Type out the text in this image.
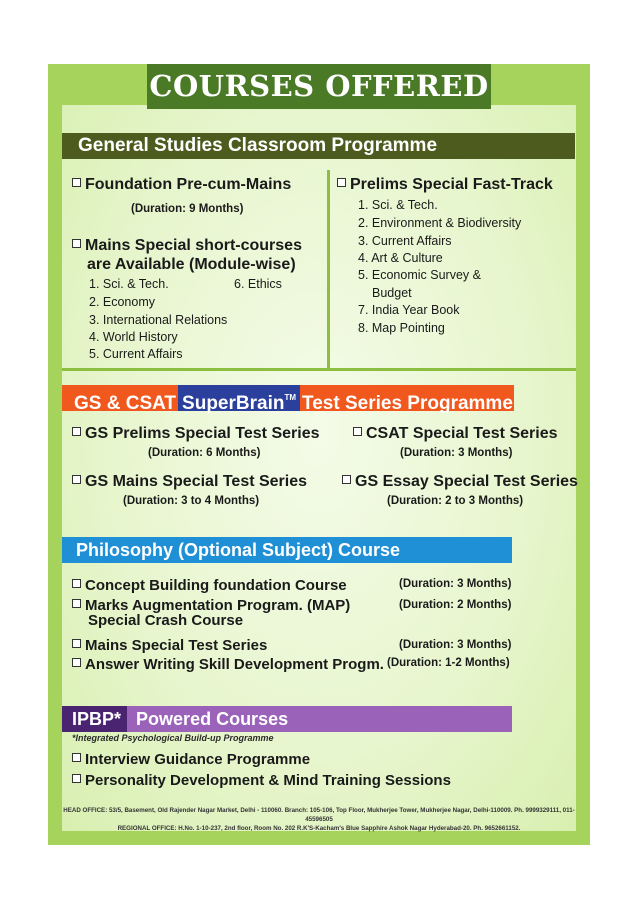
COURSES OFFERED
General Studies Classroom Programme
Foundation Pre-cum-Mains
(Duration: 9 Months)
Mains Special short-courses
are Available (Module-wise)
1. Sci. & Tech.
2. Economy
3. International Relations
4. World History
5. Current Affairs
6. Ethics
Prelims Special Fast-Track
1. Sci. & Tech.
2. Environment & Biodiversity
3. Current Affairs
4. Art & Culture
5. Economic Survey &
Budget
7. India Year Book
8. Map Pointing
GS & CSAT SuperBrain™ Test Series Programme
GS Prelims Special Test Series
(Duration: 6 Months)
CSAT Special Test Series
(Duration: 3 Months)
GS Mains Special Test Series
(Duration: 3 to 4 Months)
GS Essay Special Test Series
(Duration: 2 to 3 Months)
Philosophy (Optional Subject) Course
Concept Building foundation Course	(Duration: 3 Months)
Marks Augmentation Program. (MAP)	(Duration: 2 Months)
Special Crash Course
Mains Special Test Series	(Duration: 3 Months)
Answer Writing Skill Development Progm. (Duration: 1-2 Months)
IPBP* Powered Courses
*Integrated Psychological Build-up Programme
Interview Guidance Programme
Personality Development & Mind Training Sessions
HEAD OFFICE: 53/5, Basement, Old Rajender Nagar Market, Delhi - 110060. Branch: 105-106, Top Floor, Mukherjee Tower, Mukherjee Nagar, Delhi-110009. Ph. 9999329111, 011-45596505
REGIONAL OFFICE: H.No. 1-10-237, 2nd floor, Room No. 202 R.K'S-Kacham's Blue Sapphire Ashok Nagar Hyderabad-20. Ph. 9652661152.
